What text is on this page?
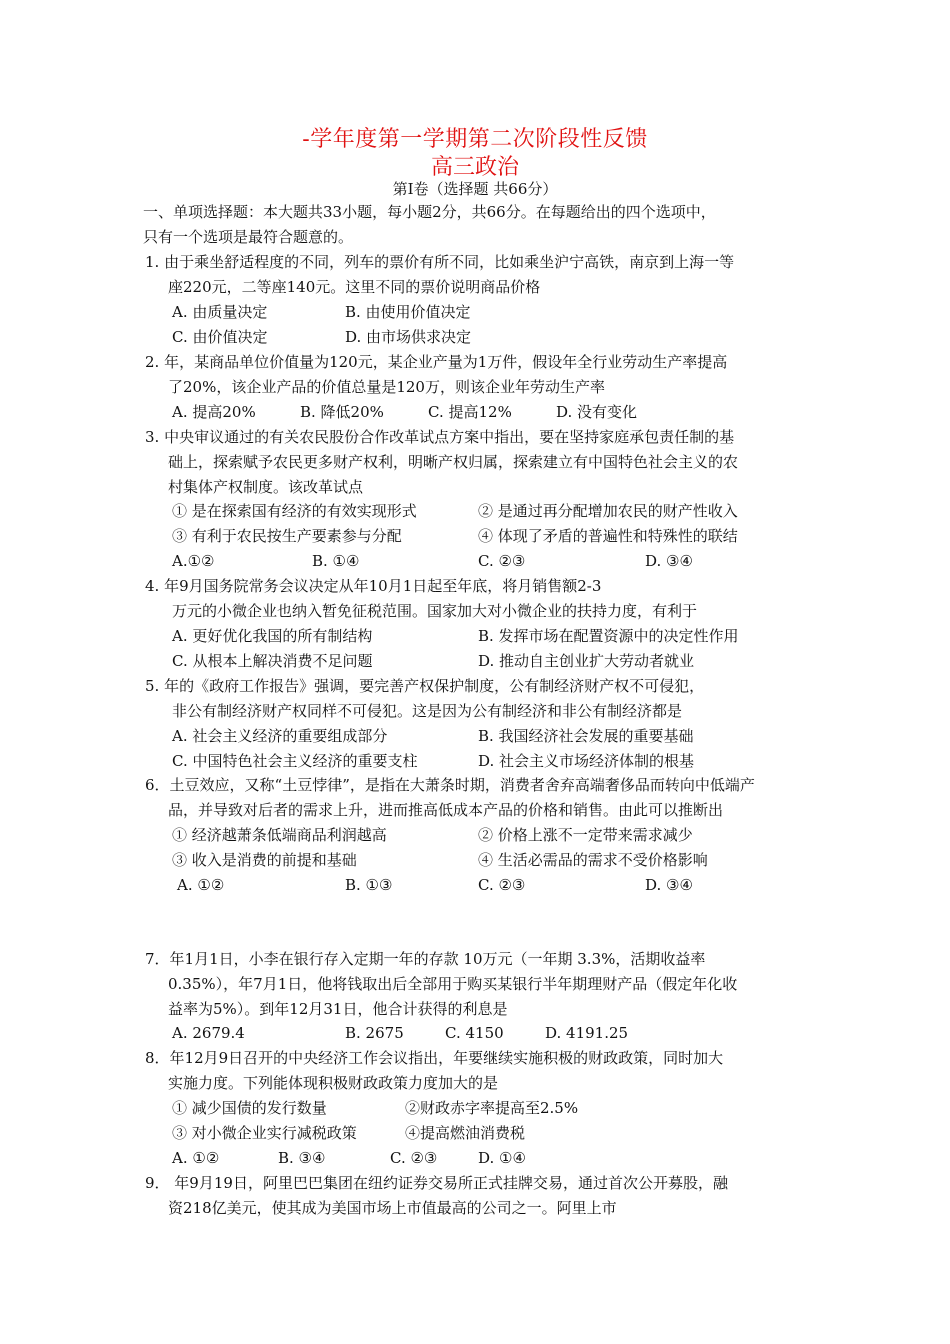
-学年度第一学期第二次阶段性反馈
高三政治
第Ⅰ卷（选择题 共66分）
一、单项选择题：本大题共33小题，每小题2分，共66分。在每题给出的四个选项中，
只有一个选项是最符合题意的。
1. 由于乘坐舒适程度的不同，列车的票价有所不同，比如乘坐沪宁高铁，南京到上海一等
座220元，二等座140元。这里不同的票价说明商品价格
A. 由质量决定	B. 由使用价值决定
C. 由价值决定	D. 由市场供求决定
2. 年，某商品单位价值量为120元，某企业产量为1万件，假设年全行业劳动生产率提高
了20%，该企业产品的价值总量是120万，则该企业年劳动生产率
A. 提高20%	B. 降低20%	C. 提高12%	D. 没有变化
3. 中央审议通过的有关农民股份合作改革试点方案中指出，要在坚持家庭承包责任制的基
础上，探索赋予农民更多财产权利，明晰产权归属，探索建立有中国特色社会主义的农
村集体产权制度。该改革试点
① 是在探索国有经济的有效实现形式	② 是通过再分配增加农民的财产性收入
③ 有利于农民按生产要素参与分配	④ 体现了矛盾的普遍性和特殊性的联结
A.①②	B. ①④	C. ②③	D. ③④
4. 年9月国务院常务会议决定从年10月1日起至年底，将月销售额2-3
万元的小微企业也纳入暂免征税范围。国家加大对小微企业的扶持力度，有利于
A. 更好优化我国的所有制结构	B. 发挥市场在配置资源中的决定性作用
C. 从根本上解决消费不足问题	D. 推动自主创业扩大劳动者就业
5. 年的《政府工作报告》强调，要完善产权保护制度，公有制经济财产权不可侵犯，
非公有制经济财产权同样不可侵犯。这是因为公有制经济和非公有制经济都是
A. 社会主义经济的重要组成部分	B. 我国经济社会发展的重要基础
C. 中国特色社会主义经济的重要支柱	D. 社会主义市场经济体制的根基
6．土豆效应，又称“土豆悖律”，是指在大萧条时期，消费者舍弃高端奢侈品而转向中低端产
品，并导致对后者的需求上升，进而推高低成本产品的价格和销售。由此可以推断出
① 经济越萧条低端商品利润越高	② 价格上涨不一定带来需求减少
③ 收入是消费的前提和基础	④ 生活必需品的需求不受价格影响
A. ①②	B. ①③	C. ②③	D. ③④
7．年1月1日，小李在银行存入定期一年的存款 10万元（一年期 3.3%，活期收益率
0.35%），年7月1日，他将钱取出后全部用于购买某银行半年期理财产品（假定年化收
益率为5%）。到年12月31日，他合计获得的利息是
A. 2679.4	B. 2675	C. 4150	D. 4191.25
8．年12月9日召开的中央经济工作会议指出，年要继续实施积极的财政政策，同时加大
实施力度。下列能体现积极财政政策力度加大的是
① 减少国债的发行数量	②财政赤字率提高至2.5%
③ 对小微企业实行减税政策	④提高燃油消费税
A. ①②	B. ③④	C. ②③	D. ①④
9． 年9月19日，阿里巴巴集团在纽约证券交易所正式挂牌交易，通过首次公开募股，融
资218亿美元，使其成为美国市场上市值最高的公司之一。阿里上市
